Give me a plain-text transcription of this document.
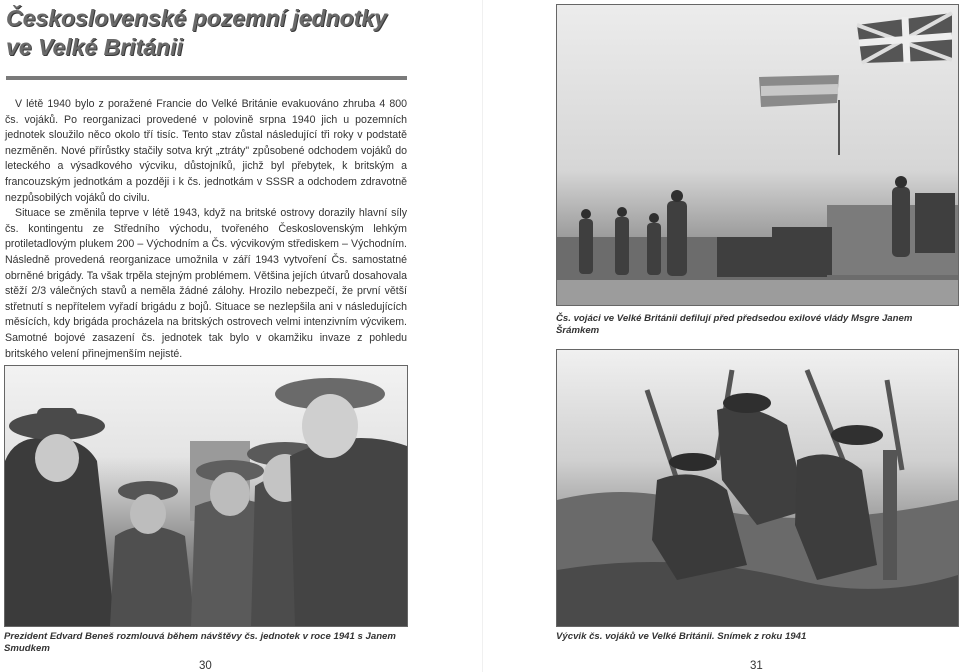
Československé pozemní jednotky
ve Velké Británii

V létě 1940 bylo z poražené Francie do Velké Británie evakuováno zhruba 4 800 čs. vojáků. Po reorganizaci provedené v polovině srpna 1940 jich u pozemních jednotek sloužilo něco okolo tří tisíc. Tento stav zůstal následující tři roky v podstatě nezměněn. Nové přírůstky stačily sotva krýt „ztráty" způsobené odchodem vojáků do leteckého a výsadkového výcviku, důstojníků, jichž byl přebytek, k britským a francouzským jednotkám a později i k čs. jednotkám v SSSR a odchodem zdravotně nezpůsobilých vojáků do civilu.

Situace se změnila teprve v létě 1943, když na britské ostrovy dorazily hlavní síly čs. kontingentu ze Středního východu, tvořeného Československým lehkým protiletadlovým plukem 200 – Východním a Čs. výcvikovým střediskem – Východním. Následně provedená reorganizace umožnila v září 1943 vytvoření Čs. samostatné obrněné brigády. Ta však trpěla stejným problémem. Většina jejích útvarů dosahovala stěží 2/3 válečných stavů a neměla žádné zálohy. Hrozilo nebezpečí, že první větší střetnutí s nepřítelem vyřadí brigádu z bojů. Situace se nezlepšila ani v následujících měsících, kdy brigáda procházela na britských ostrovech velmi intenzivním výcvikem. Samotné bojové zasazení čs. jednotek tak bylo v okamžiku invaze z pohledu britského velení přinejmenším nejisté.

Čs. vojáci ve Velké Británii defilují před předsedou exilové vlády Msgre Janem Šrámkem

Prezident Edvard Beneš rozmlouvá během návštěvy čs. jednotek v roce 1941 s Janem Smudkem

Výcvik čs. vojáků ve Velké Británii. Snímek z roku 1941

30	31
